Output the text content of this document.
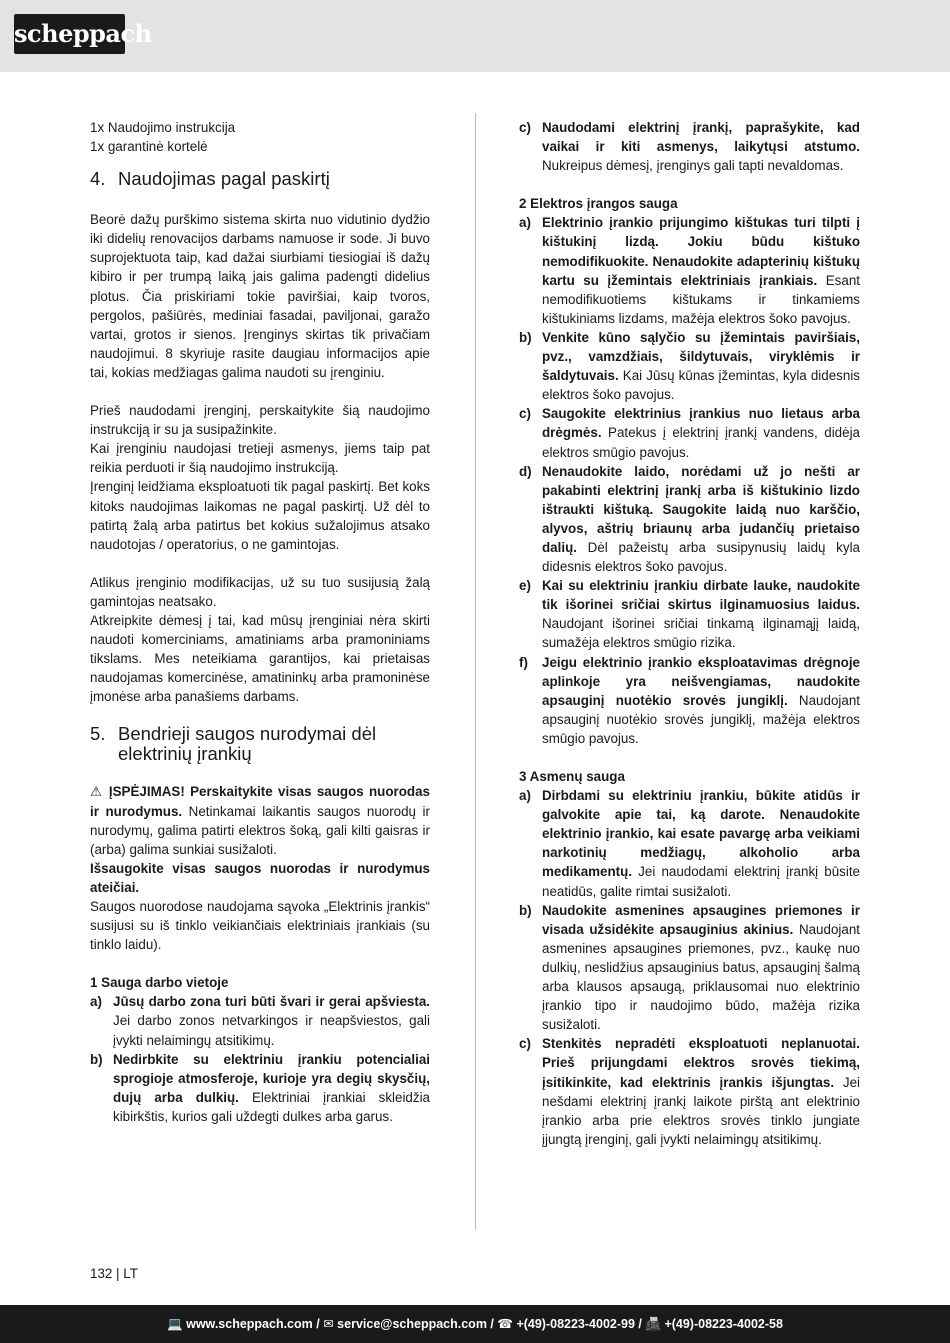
scheppach

1x Naudojimo instrukcija

1x garantinė kortelė

4. Naudojimas pagal paskirtį

Beorė dažų purškimo sistema skirta nuo vidutinio dydžio iki didelių renovacijos darbams namuose ir sode. Ji buvo suprojektuota taip, kad dažai siurbiami tiesiogiai iš dažų kibiro ir per trumpą laiką jais galima padengti didelius plotus. Čia priskiriami tokie paviršiai, kaip tvoros, pergolos, pašiūrės, mediniai fasadai, paviljonai, garažo vartai, grotos ir sienos. Įrenginys skirtas tik privačiam naudojimui. 8 skyriuje rasite daugiau informacijos apie tai, kokias medžiagas galima naudoti su įrenginiu.

Prieš naudodami įrenginį, perskaitykite šią naudojimo instrukciją ir su ja susipažinkite.

Kai įrenginiu naudojasi tretieji asmenys, jiems taip pat reikia perduoti ir šią naudojimo instrukciją.

Įrenginį leidžiama eksploatuoti tik pagal paskirtį. Bet koks kitoks naudojimas laikomas ne pagal paskirtį. Už dėl to patirtą žalą arba patirtus bet kokius sužalojimus atsako naudotojas / operatorius, o ne gamintojas.

Atlikus įrenginio modifikacijas, už su tuo susijusią žalą gamintojas neatsako.

Atkreipkite dėmesį į tai, kad mūsų įrenginiai nėra skirti naudoti komerciniams, amatiniams arba pramoniniams tikslams. Mes neteikiama garantijos, kai prietaisas naudojamas komercinėse, amatininkų arba pramoninėse įmonėse arba panašiems darbams.

5. Bendrieji saugos nurodymai dėl elektrinių įrankių

⚠ ĮSPĖJIMAS! Perskaitykite visas saugos nuorodas ir nurodymus. Netinkamai laikantis saugos nuorodų ir nurodymų, galima patirti elektros šoką, gali kilti gaisras ir (arba) galima sunkiai susižaloti.

Išsaugokite visas saugos nuorodas ir nurodymus ateičiai.

Saugos nuorodose naudojama sąvoka „Elektrinis įrankis“ susijusi su iš tinklo veikiančiais elektriniais įrankiais (su tinklo laidu).

1 Sauga darbo vietoje

a) Jūsų darbo zona turi būti švari ir gerai apšviesta. Jei darbo zonos netvarkingos ir neapšviestos, gali įvykti nelaimingų atsitikimų.
b) Nedirbkite su elektriniu įrankiu potencialiai sprogioje atmosferoje, kurioje yra degių skysčių, dujų arba dulkių. Elektriniai įrankiai skleidžia kibirkštis, kurios gali uždegti dulkes arba garus.
c) Naudodami elektrinį įrankį, paprašykite, kad vaikai ir kiti asmenys, laikytųsi atstumo. Nukreipus dėmesį, įrenginys gali tapti nevaldomas.

2 Elektros įrangos sauga

a) Elektrinio įrankio prijungimo kištukas turi tilpti į kištukinį lizdą. Jokiu būdu kištuko nemodifikuokite. Nenaudokite adapterinių kištukų kartu su įžemintais elektriniais įrankiais. Esant nemodifikuotiems kištukams ir tinkamiems kištukiniams lizdams, mažėja elektros šoko pavojus.
b) Venkite kūno sąlyčio su įžemintais paviršiais, pvz., vamzdžiais, šildytuvais, viryklėmis ir šaldytuvais. Kai Jūsų kūnas įžemintas, kyla didesnis elektros šoko pavojus.
c) Saugokite elektrinius įrankius nuo lietaus arba drėgmės. Patekus į elektrinį įrankį vandens, didėja elektros smūgio pavojus.
d) Nenaudokite laido, norėdami už jo nešti ar pakabinti elektrinį įrankį arba iš kištukinio lizdo ištraukti kištuką. Saugokite laidą nuo karščio, alyvos, aštrių briaunų arba judančių prietaiso dalių. Dėl pažeistų arba susipynusių laidų kyla didesnis elektros šoko pavojus.
e) Kai su elektriniu įrankiu dirbate lauke, naudokite tik išorinei sričiai skirtus ilginamuosius laidus. Naudojant išorinei sričiai tinkamą ilginamąjį laidą, sumažėja elektros smūgio rizika.
f)	Jeigu elektrinio įrankio eksploatavimas drėgnoje aplinkoje yra neišvengiamas, naudokite apsauginį nuotėkio srovės jungiklį. Naudojant apsauginį nuotėkio srovės jungiklį, mažėja elektros smūgio pavojus.

3 Asmenų sauga

a) Dirbdami su elektriniu įrankiu, būkite atidūs ir galvokite apie tai, ką darote. Nenaudokite elektrinio įrankio, kai esate pavargę arba veikiami narkotinių medžiagų, alkoholio arba medikamentų. Jei naudodami elektrinį įrankį būsite neatidūs, galite rimtai susižaloti.
b) Naudokite asmenines apsaugines priemones ir visada užsidėkite apsauginius akinius. Naudojant asmenines apsaugines priemones, pvz., kaukę nuo dulkių, neslidžius apsauginius batus, apsauginį šalmą arba klausos apsaugą, priklausomai nuo elektrinio įrankio tipo ir naudojimo būdo, mažėja rizika susižaloti.
c) Stenkitės nepradėti eksploatuoti neplanuotai. Prieš prijungdami elektros srovės tiekimą, įsitikinkite, kad elektrinis įrankis išjungtas. Jei nešdami elektrinį įrankį laikote pirštą ant elektrinio įrankio arba prie elektros srovės tinklo jungiate įjungtą įrenginį, gali įvykti nelaimingų atsitikimų.
132 | LT
💻 www.scheppach.com / ✉ service@scheppach.com / ☎ +(49)-08223-4002-99 / 📠 +(49)-08223-4002-58
